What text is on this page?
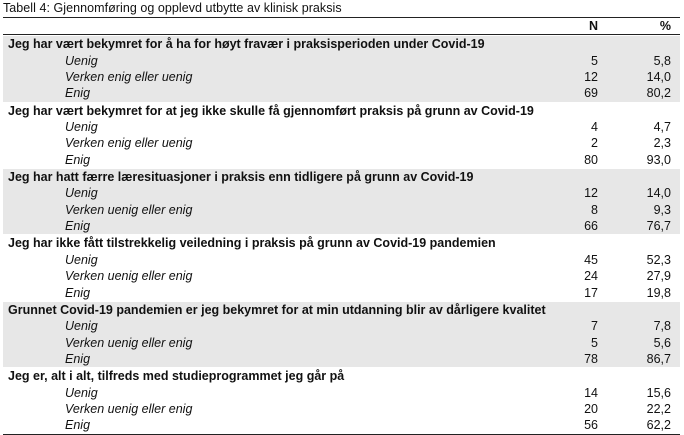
Tabell 4: Gjennomføring og opplevd utbytte av klinisk praksis
N	%
Jeg har vært bekymret for å ha for høyt fravær i praksisperioden under Covid-19
Uenig	5	5,8
Verken enig eller uenig	12	14,0
Enig	69	80,2
Jeg har vært bekymret for at jeg ikke skulle få gjennomført praksis på grunn av Covid-19
Uenig	4	4,7
Verken enig eller uenig	2	2,3
Enig	80	93,0
Jeg har hatt færre læresituasjoner i praksis enn tidligere på grunn av Covid-19
Uenig	12	14,0
Verken uenig eller enig	8	9,3
Enig	66	76,7
Jeg har ikke fått tilstrekkelig veiledning i praksis på grunn av Covid-19 pandemien
Uenig	45	52,3
Verken uenig eller enig	24	27,9
Enig	17	19,8
Grunnet Covid-19 pandemien er jeg bekymret for at min utdanning blir av dårligere kvalitet
Uenig	7	7,8
Verken uenig eller enig	5	5,6
Enig	78	86,7
Jeg er, alt i alt, tilfreds med studieprogrammet jeg går på
Uenig	14	15,6
Verken uenig eller enig	20	22,2
Enig	56	62,2
